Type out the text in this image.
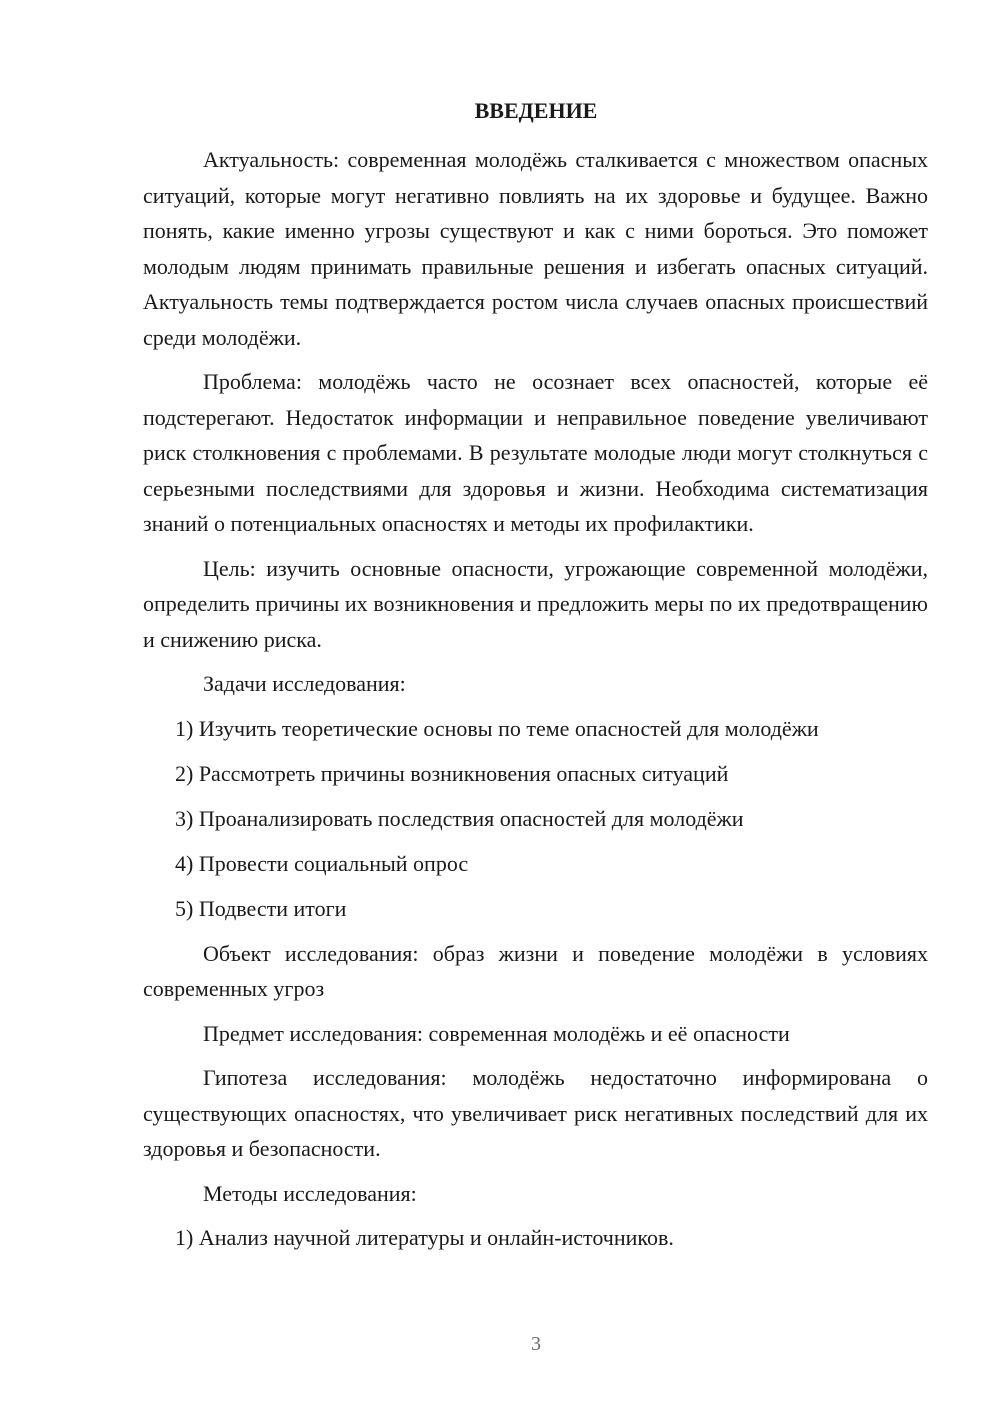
ВВЕДЕНИЕ

Актуальность: современная молодёжь сталкивается с множеством опасных ситуаций, которые могут негативно повлиять на их здоровье и будущее. Важно понять, какие именно угрозы существуют и как с ними бороться. Это поможет молодым людям принимать правильные решения и избегать опасных ситуаций. Актуальность темы подтверждается ростом числа случаев опасных происшествий среди молодёжи.

Проблема: молодёжь часто не осознает всех опасностей, которые её подстерегают. Недостаток информации и неправильное поведение увеличивают риск столкновения с проблемами. В результате молодые люди могут столкнуться с серьезными последствиями для здоровья и жизни. Необходима систематизация знаний о потенциальных опасностях и методы их профилактики.

Цель: изучить основные опасности, угрожающие современной молодёжи, определить причины их возникновения и предложить меры по их предотвращению и снижению риска.

Задачи исследования:

1) Изучить теоретические основы по теме опасностей для молодёжи
2) Рассмотреть причины возникновения опасных ситуаций
3) Проанализировать последствия опасностей для молодёжи
4) Провести социальный опрос
5) Подвести итоги

Объект исследования: образ жизни и поведение молодёжи в условиях современных угроз

Предмет исследования: современная молодёжь и её опасности

Гипотеза исследования: молодёжь недостаточно информирована о существующих опасностях, что увеличивает риск негативных последствий для их здоровья и безопасности.

Методы исследования:

1) Анализ научной литературы и онлайн-источников.
3
